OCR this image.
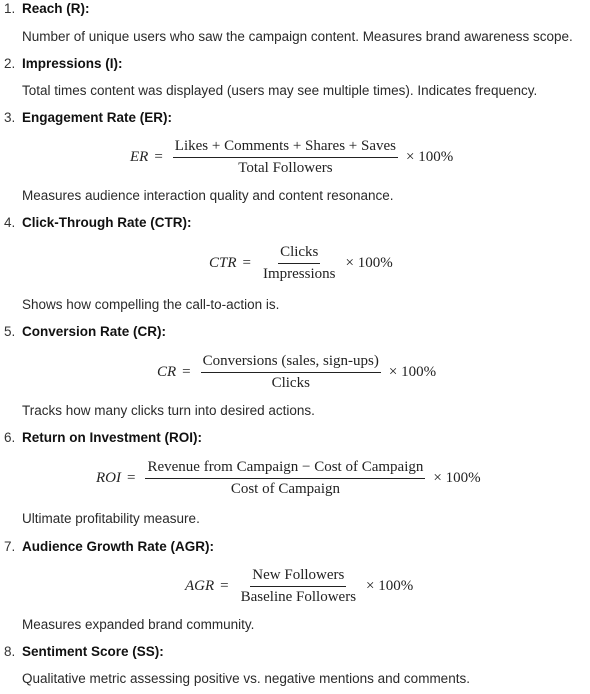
1. Reach (R):
Number of unique users who saw the campaign content. Measures brand awareness scope.
2. Impressions (I):
Total times content was displayed (users may see multiple times). Indicates frequency.
3. Engagement Rate (ER):
ER = $\frac{\text{Likes + Comments + Shares + Saves}}{\text{Total Followers}} \times 100\%$
Measures audience interaction quality and content resonance.
4. Click-Through Rate (CTR):
CTR = $\frac{\text{Clicks}}{\text{Impressions}} \times 100\%$
Shows how compelling the call-to-action is.
5. Conversion Rate (CR):
CR = $\frac{\text{Conversions (sales, sign-ups)}}{\text{Clicks}} \times 100\%$
Tracks how many clicks turn into desired actions.
6. Return on Investment (ROI):
ROI = $\frac{\text{Revenue from Campaign − Cost of Campaign}}{\text{Cost of Campaign}} \times 100\%$
Ultimate profitability measure.
7. Audience Growth Rate (AGR):
AGR = $\frac{\text{New Followers}}{\text{Baseline Followers}} \times 100\%$
Measures expanded brand community.
8. Sentiment Score (SS):
Qualitative metric assessing positive vs. negative mentions and comments.
